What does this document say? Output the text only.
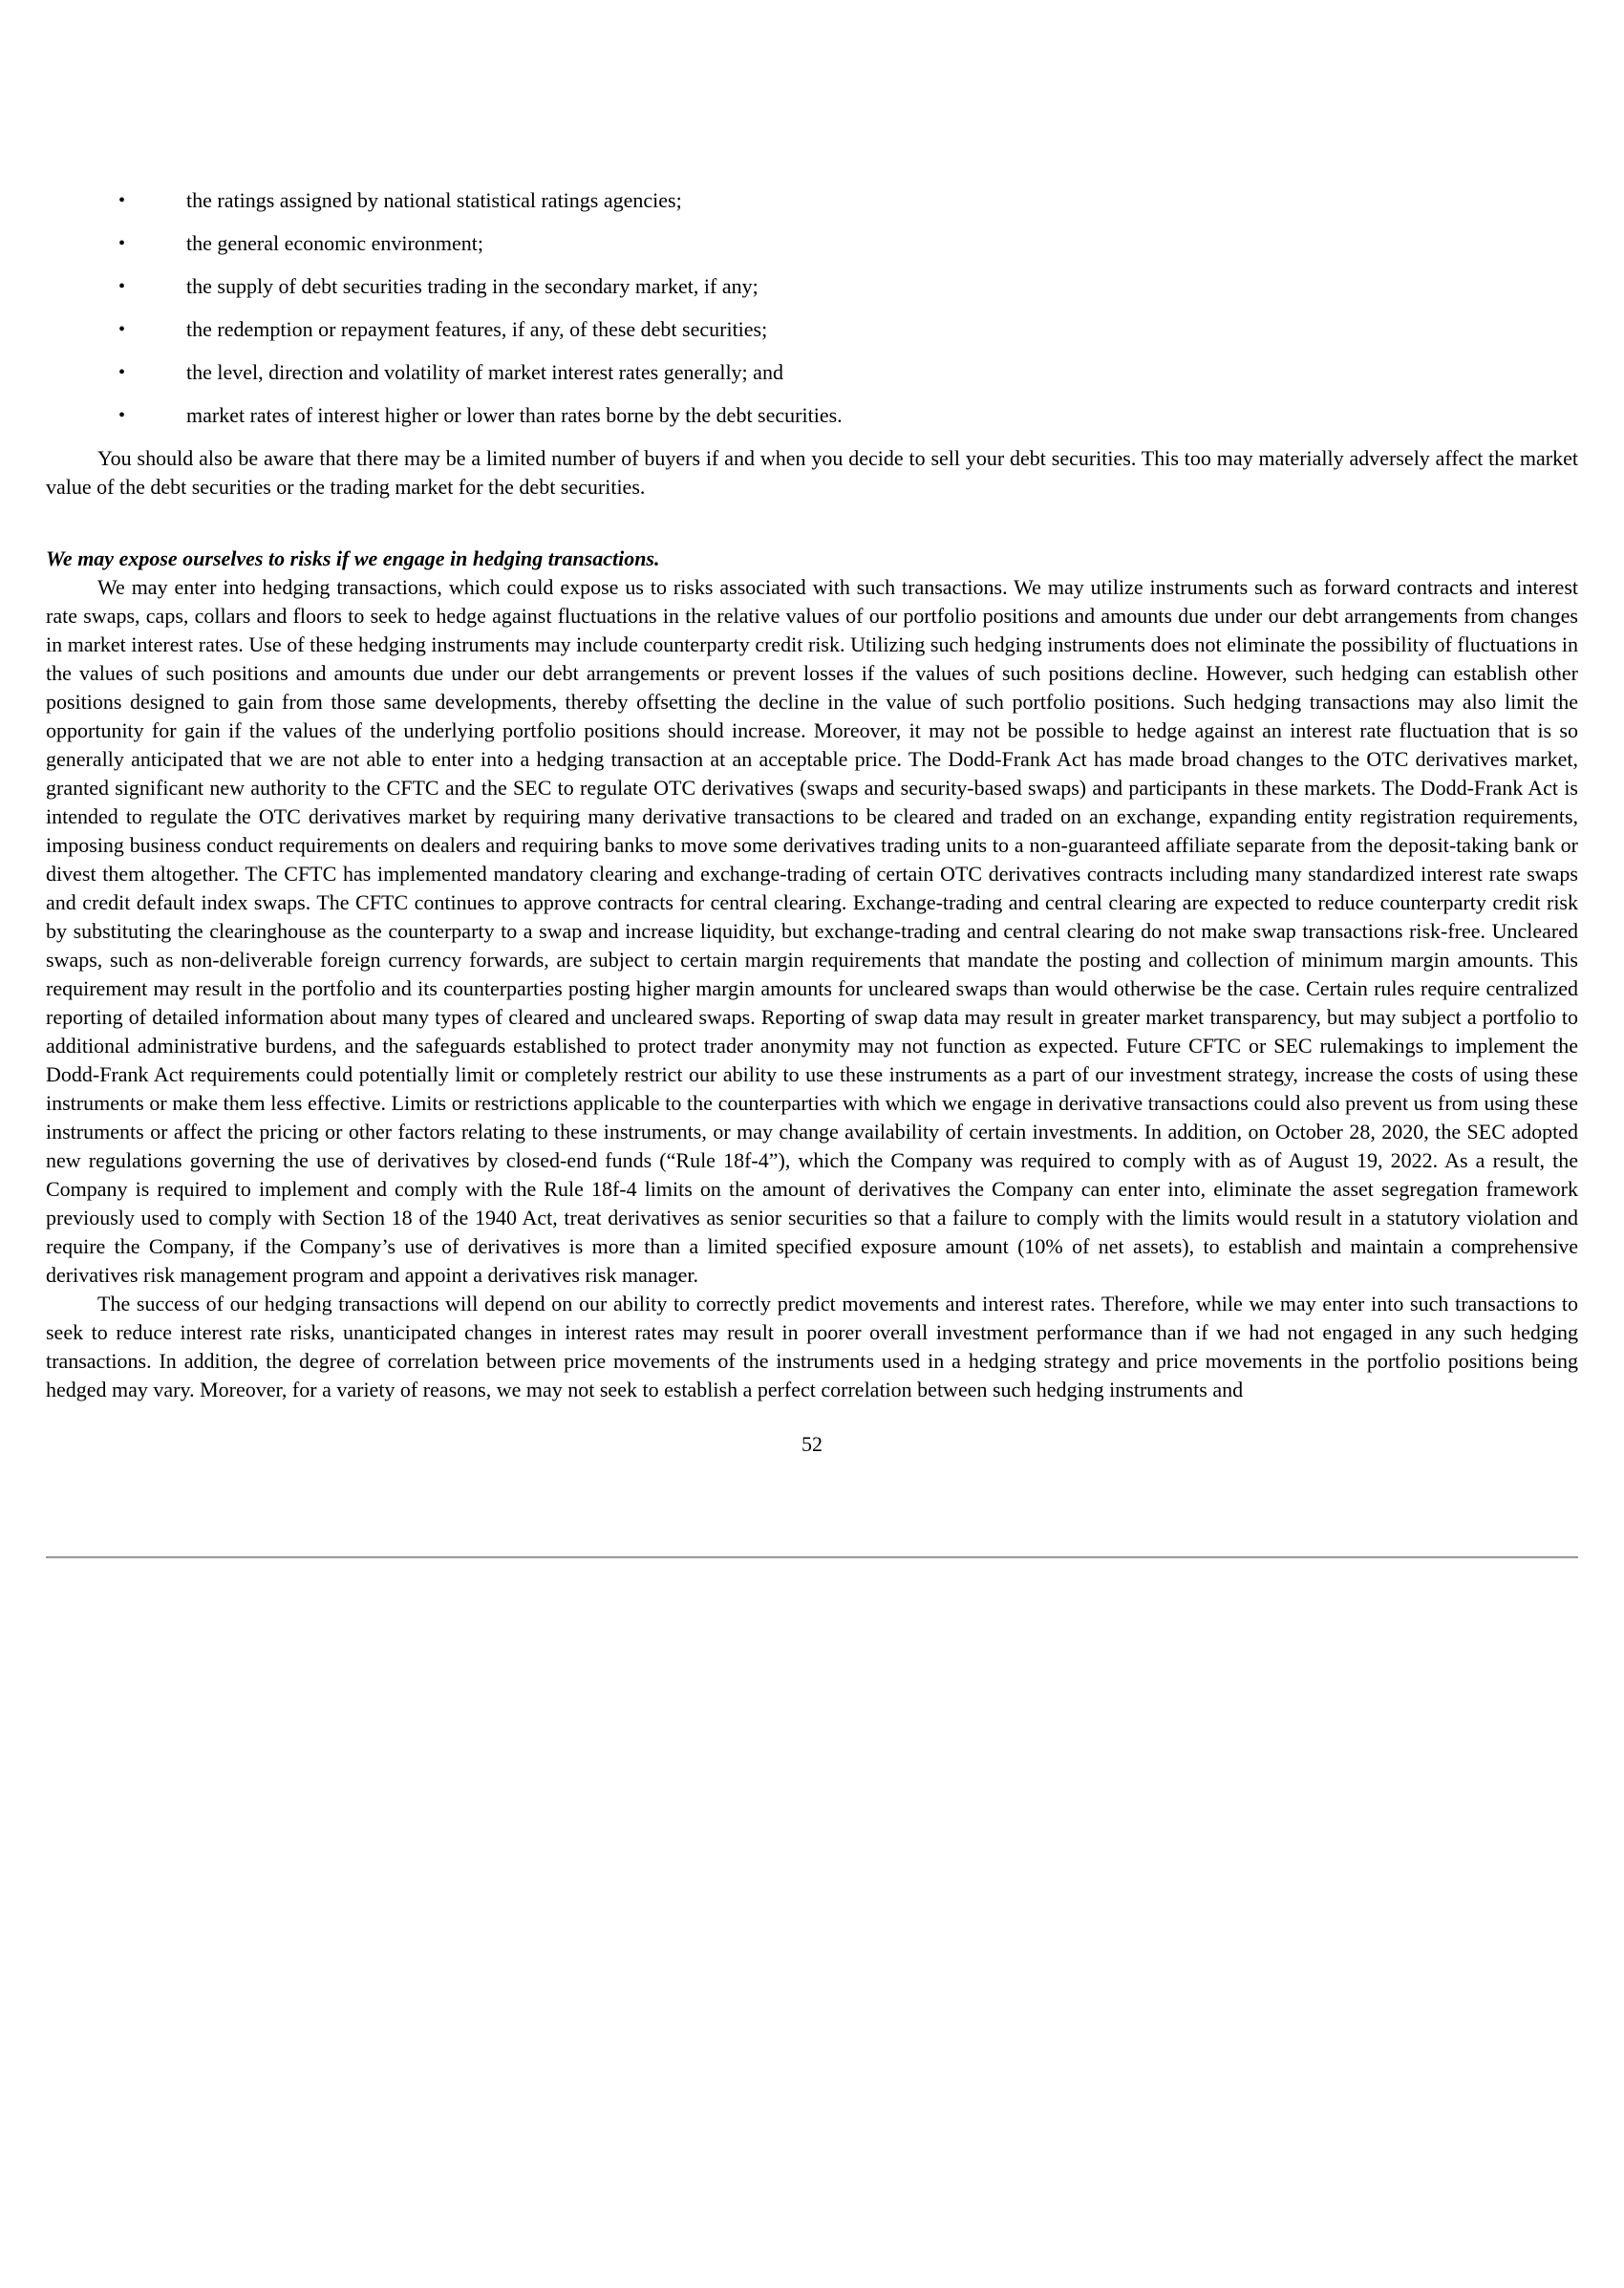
•	the ratings assigned by national statistical ratings agencies;
•	the general economic environment;
•	the supply of debt securities trading in the secondary market, if any;
•	the redemption or repayment features, if any, of these debt securities;
•	the level, direction and volatility of market interest rates generally; and
•	market rates of interest higher or lower than rates borne by the debt securities.

You should also be aware that there may be a limited number of buyers if and when you decide to sell your debt securities. This too may materially adversely affect the market value of the debt securities or the trading market for the debt securities.

We may expose ourselves to risks if we engage in hedging transactions.

We may enter into hedging transactions, which could expose us to risks associated with such transactions. We may utilize instruments such as forward contracts and interest rate swaps, caps, collars and floors to seek to hedge against fluctuations in the relative values of our portfolio positions and amounts due under our debt arrangements from changes in market interest rates. Use of these hedging instruments may include counterparty credit risk. Utilizing such hedging instruments does not eliminate the possibility of fluctuations in the values of such positions and amounts due under our debt arrangements or prevent losses if the values of such positions decline. However, such hedging can establish other positions designed to gain from those same developments, thereby offsetting the decline in the value of such portfolio positions. Such hedging transactions may also limit the opportunity for gain if the values of the underlying portfolio positions should increase. Moreover, it may not be possible to hedge against an interest rate fluctuation that is so generally anticipated that we are not able to enter into a hedging transaction at an acceptable price. The Dodd-Frank Act has made broad changes to the OTC derivatives market, granted significant new authority to the CFTC and the SEC to regulate OTC derivatives (swaps and security-based swaps) and participants in these markets. The Dodd-Frank Act is intended to regulate the OTC derivatives market by requiring many derivative transactions to be cleared and traded on an exchange, expanding entity registration requirements, imposing business conduct requirements on dealers and requiring banks to move some derivatives trading units to a non-guaranteed affiliate separate from the deposit-taking bank or divest them altogether. The CFTC has implemented mandatory clearing and exchange-trading of certain OTC derivatives contracts including many standardized interest rate swaps and credit default index swaps. The CFTC continues to approve contracts for central clearing. Exchange-trading and central clearing are expected to reduce counterparty credit risk by substituting the clearinghouse as the counterparty to a swap and increase liquidity, but exchange-trading and central clearing do not make swap transactions risk-free. Uncleared swaps, such as non-deliverable foreign currency forwards, are subject to certain margin requirements that mandate the posting and collection of minimum margin amounts. This requirement may result in the portfolio and its counterparties posting higher margin amounts for uncleared swaps than would otherwise be the case. Certain rules require centralized reporting of detailed information about many types of cleared and uncleared swaps. Reporting of swap data may result in greater market transparency, but may subject a portfolio to additional administrative burdens, and the safeguards established to protect trader anonymity may not function as expected. Future CFTC or SEC rulemakings to implement the Dodd-Frank Act requirements could potentially limit or completely restrict our ability to use these instruments as a part of our investment strategy, increase the costs of using these instruments or make them less effective. Limits or restrictions applicable to the counterparties with which we engage in derivative transactions could also prevent us from using these instruments or affect the pricing or other factors relating to these instruments, or may change availability of certain investments. In addition, on October 28, 2020, the SEC adopted new regulations governing the use of derivatives by closed-end funds (“Rule 18f-4”), which the Company was required to comply with as of August 19, 2022. As a result, the Company is required to implement and comply with the Rule 18f-4 limits on the amount of derivatives the Company can enter into, eliminate the asset segregation framework previously used to comply with Section 18 of the 1940 Act, treat derivatives as senior securities so that a failure to comply with the limits would result in a statutory violation and require the Company, if the Company’s use of derivatives is more than a limited specified exposure amount (10% of net assets), to establish and maintain a comprehensive derivatives risk management program and appoint a derivatives risk manager.

The success of our hedging transactions will depend on our ability to correctly predict movements and interest rates. Therefore, while we may enter into such transactions to seek to reduce interest rate risks, unanticipated changes in interest rates may result in poorer overall investment performance than if we had not engaged in any such hedging transactions. In addition, the degree of correlation between price movements of the instruments used in a hedging strategy and price movements in the portfolio positions being hedged may vary. Moreover, for a variety of reasons, we may not seek to establish a perfect correlation between such hedging instruments and

52
